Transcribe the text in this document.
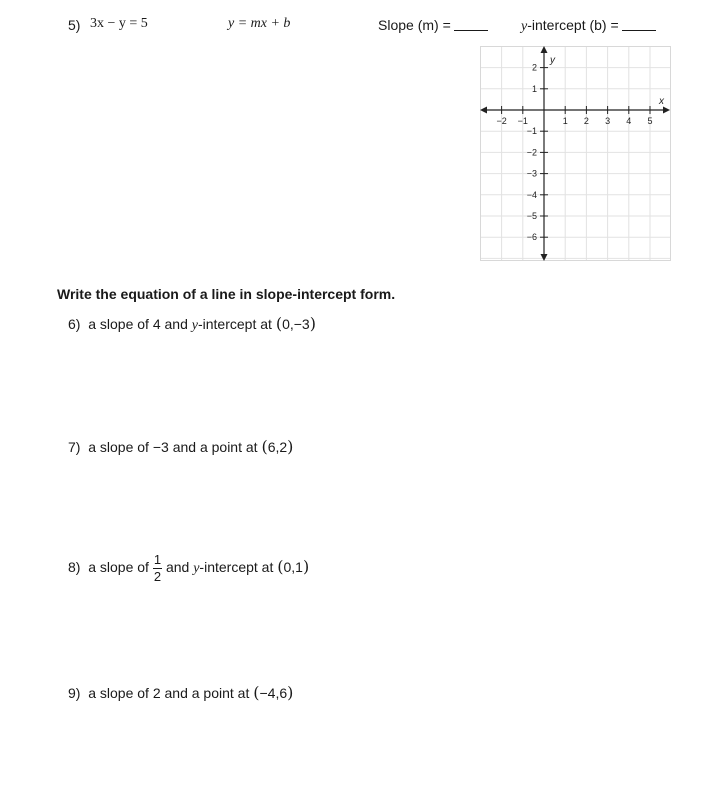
5) 3x − y = 5	y = mx + b	Slope (m) =	y-intercept (b) =
−2 −1	1 2 3 4 5
2
1
−1
−2
−3
−4
−5
−6
x
y
Write the equation of a line in slope-intercept form.
6) a slope of 4 and y-intercept at (0,−3)
7) a slope of −3 and a point at (6,2)
8) a slope of $\frac{1}{2}$ and y-intercept at (0,1)
9) a slope of 2 and a point at (−4,6)
